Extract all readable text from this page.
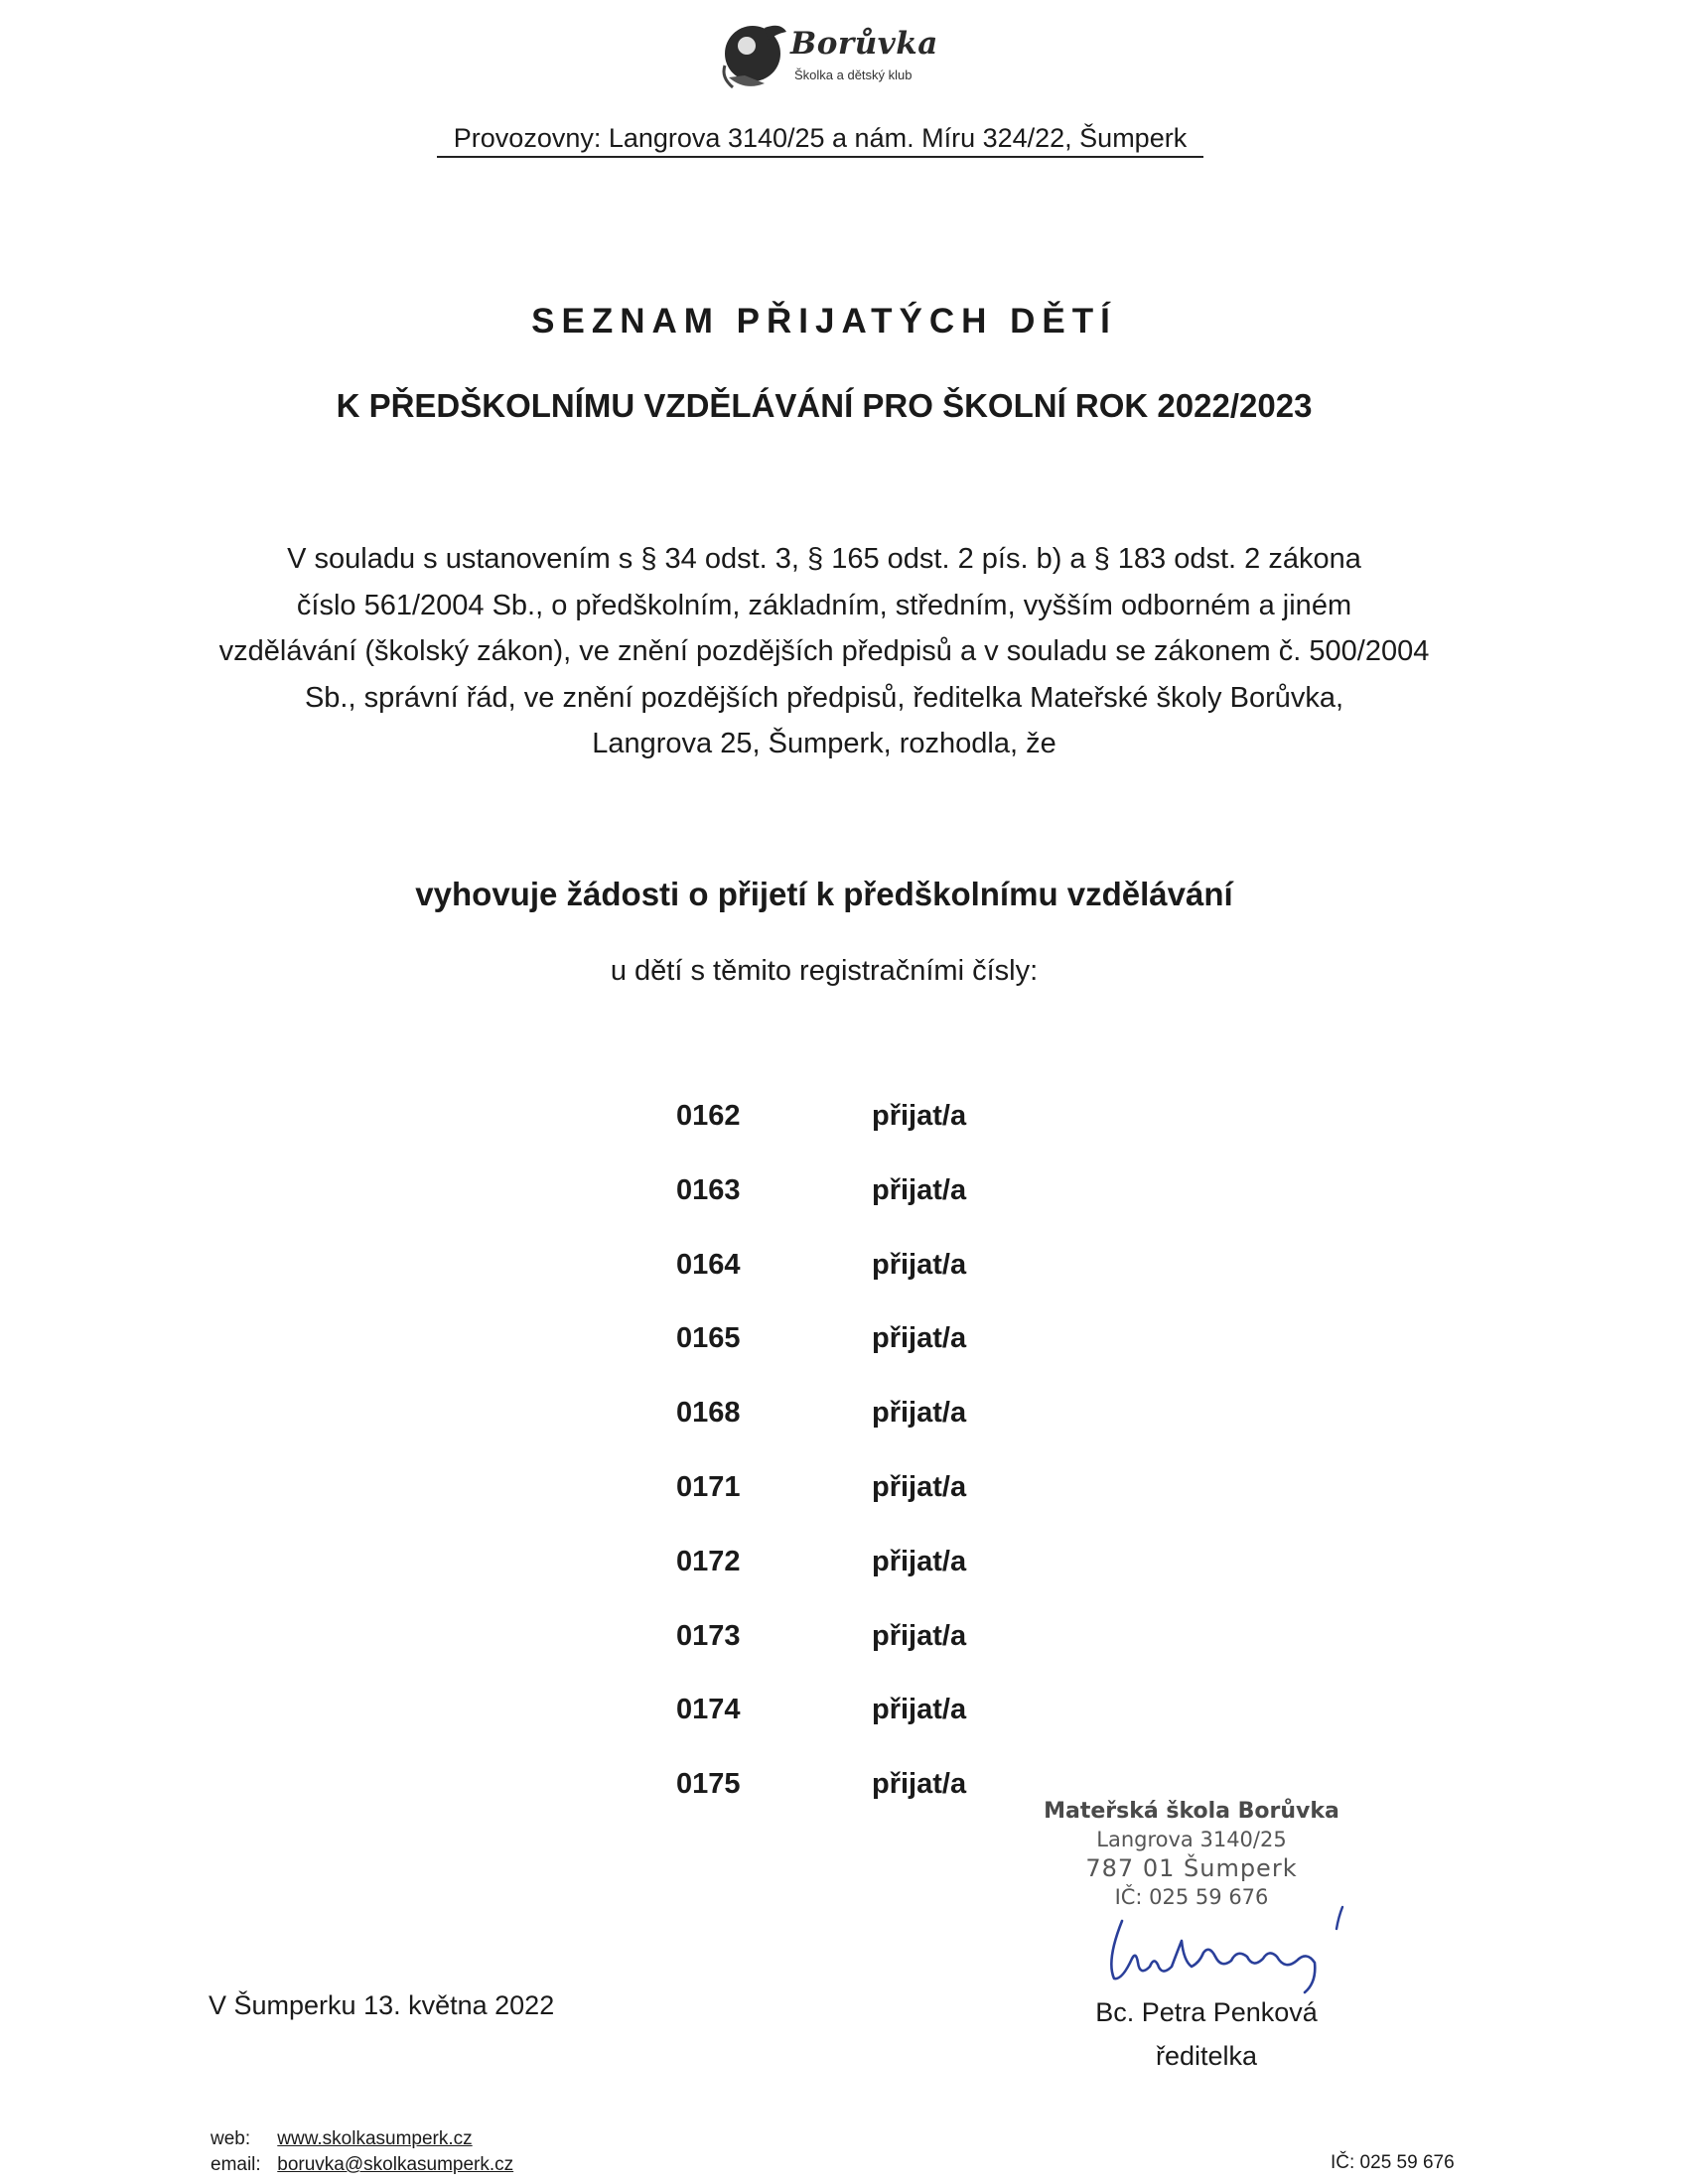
Borůvka
Školka a dětský klub
Provozovny: Langrova 3140/25 a nám. Míru 324/22, Šumperk
SEZNAM PŘIJATÝCH DĚTÍ
K PŘEDŠKOLNÍMU VZDĚLÁVÁNÍ PRO ŠKOLNÍ ROK 2022/2023

V souladu s ustanovením s § 34 odst. 3, § 165 odst. 2 pís. b) a § 183 odst. 2 zákona

číslo 561/2004 Sb., o předškolním, základním, středním, vyšším odborném a jiném

vzdělávání (školský zákon), ve znění pozdějších předpisů a v souladu se zákonem č. 500/2004

Sb., správní řád, ve znění pozdějších předpisů, ředitelka Mateřské školy Borůvka,

Langrova 25, Šumperk, rozhodla, že

vyhovuje žádosti o přijetí k předškolnímu vzdělávání
u dětí s těmito registračními čísly:
0162	přijat/a
0163	přijat/a
0164	přijat/a
0165	přijat/a
0168	přijat/a
0171	přijat/a
0172	přijat/a
0173	přijat/a
0174	přijat/a
0175	přijat/a
Mateřská škola Borůvka
Langrova 3140/25
787 01 Šumperk
IČ: 025 59 676
V Šumperku 13. května 2022	Bc. Petra Penková

ředitelka

web: www.skolkasumperk.cz
email: boruvka@skolkasumperk.cz	IČ: 025 59 676
